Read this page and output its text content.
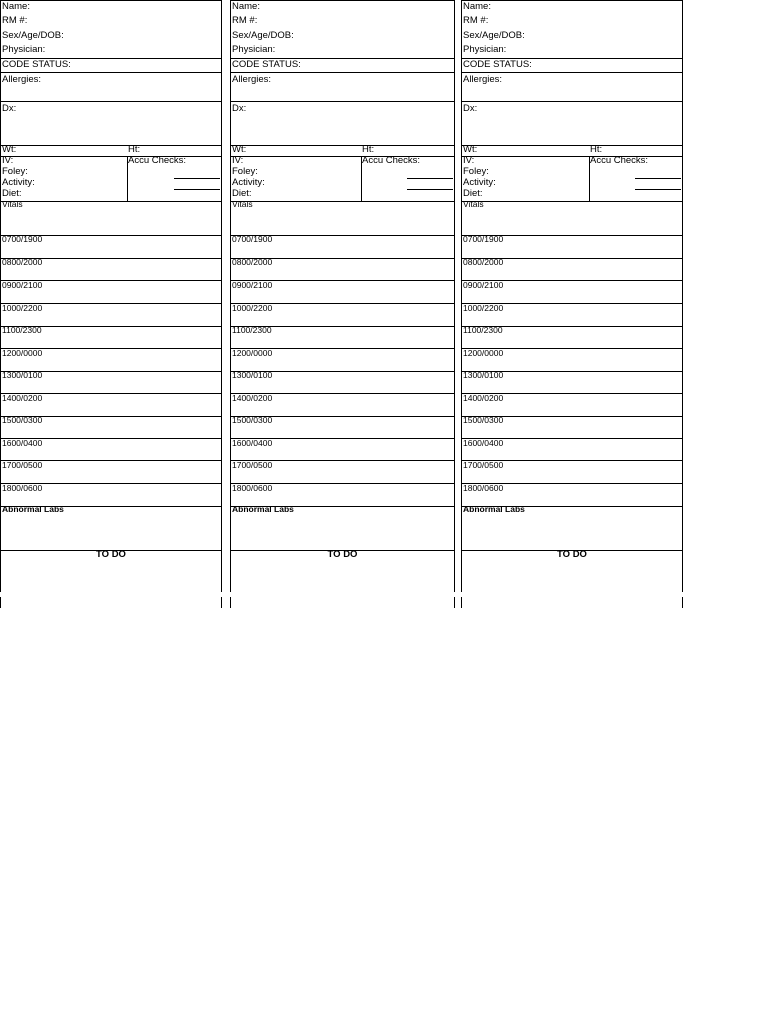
Name:
RM #:
Sex/Age/DOB:
Physician:
CODE STATUS:
Allergies:
Dx:
Wt:	Ht:
IV:	Accu Checks:
Foley:
Activity:
Diet:
Vitals
0700/1900
0800/2000
0900/2100
1000/2200
1100/2300
1200/0000
1300/0100
1400/0200
1500/0300
1600/0400
1700/0500
1800/0600
Abnormal Labs
TO DO
Name:
RM #:
Sex/Age/DOB:
Physician:
CODE STATUS:
Allergies:
Dx:
Wt:	Ht:
IV:	Accu Checks:
Foley:
Activity:
Diet:
Vitals
0700/1900
0800/2000
0900/2100
1000/2200
1100/2300
1200/0000
1300/0100
1400/0200
1500/0300
1600/0400
1700/0500
1800/0600
Abnormal Labs
TO DO
Name:
RM #:
Sex/Age/DOB:
Physician:
CODE STATUS:
Allergies:
Dx:
Wt:	Ht:
IV:	Accu Checks:
Foley:
Activity:
Diet:
Vitals
0700/1900
0800/2000
0900/2100
1000/2200
1100/2300
1200/0000
1300/0100
1400/0200
1500/0300
1600/0400
1700/0500
1800/0600
Abnormal Labs
TO DO
